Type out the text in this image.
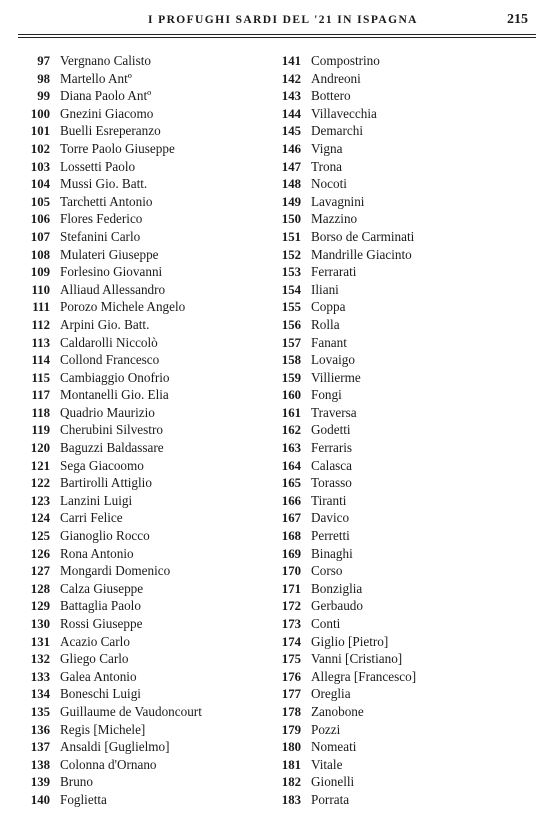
I PROFUGHI SARDI DEL '21 IN ISPAGNA	215
97 Vergnano Calisto
98 Martello Antº
99 Diana Paolo Antº
100 Gnezini Giacomo
101 Buelli Esreperanzo
102 Torre Paolo Giuseppe
103 Lossetti Paolo
104 Mussi Gio. Batt.
105 Tarchetti Antonio
106 Flores Federico
107 Stefanini Carlo
108 Mulateri Giuseppe
109 Forlesino Giovanni
110 Alliaud Allessandro
111 Porozo Michele Angelo
112 Arpini Gio. Batt.
113 Caldarolli Niccolò
114 Collond Francesco
115 Cambiaggio Onofrio
117 Montanelli Gio. Elia
118 Quadrio Maurizio
119 Cherubini Silvestro
120 Baguzzi Baldassare
121 Sega Giacoomo
122 Bartirolli Attiglio
123 Lanzini Luigi
124 Carri Felice
125 Gianoglio Rocco
126 Rona Antonio
127 Mongardi Domenico
128 Calza Giuseppe
129 Battaglia Paolo
130 Rossi Giuseppe
131 Acazio Carlo
132 Gliego Carlo
133 Galea Antonio
134 Boneschi Luigi
135 Guillaume de Vaudoncourt
136 Regis [Michele]
137 Ansaldi [Guglielmo]
138 Colonna d'Ornano
139 Bruno
140 Foglietta
141 Compostrino
142 Andreoni
143 Bottero
144 Villavecchia
145 Demarchi
146 Vigna
147 Trona
148 Nocoti
149 Lavagnini
150 Mazzino
151 Borso de Carminati
152 Mandrille Giacinto
153 Ferrarati
154 Iliani
155 Coppa
156 Rolla
157 Fanant
158 Lovaigo
159 Villierme
160 Fongi
161 Traversa
162 Godetti
163 Ferraris
164 Calasca
165 Torasso
166 Tiranti
167 Davico
168 Perretti
169 Binaghi
170 Corso
171 Bonziglia
172 Gerbaudo
173 Conti
174 Giglio [Pietro]
175 Vanni [Cristiano]
176 Allegra [Francesco]
177 Oreglia
178 Zanobone
179 Pozzi
180 Nomeati
181 Vitale
182 Gionelli
183 Porrata
